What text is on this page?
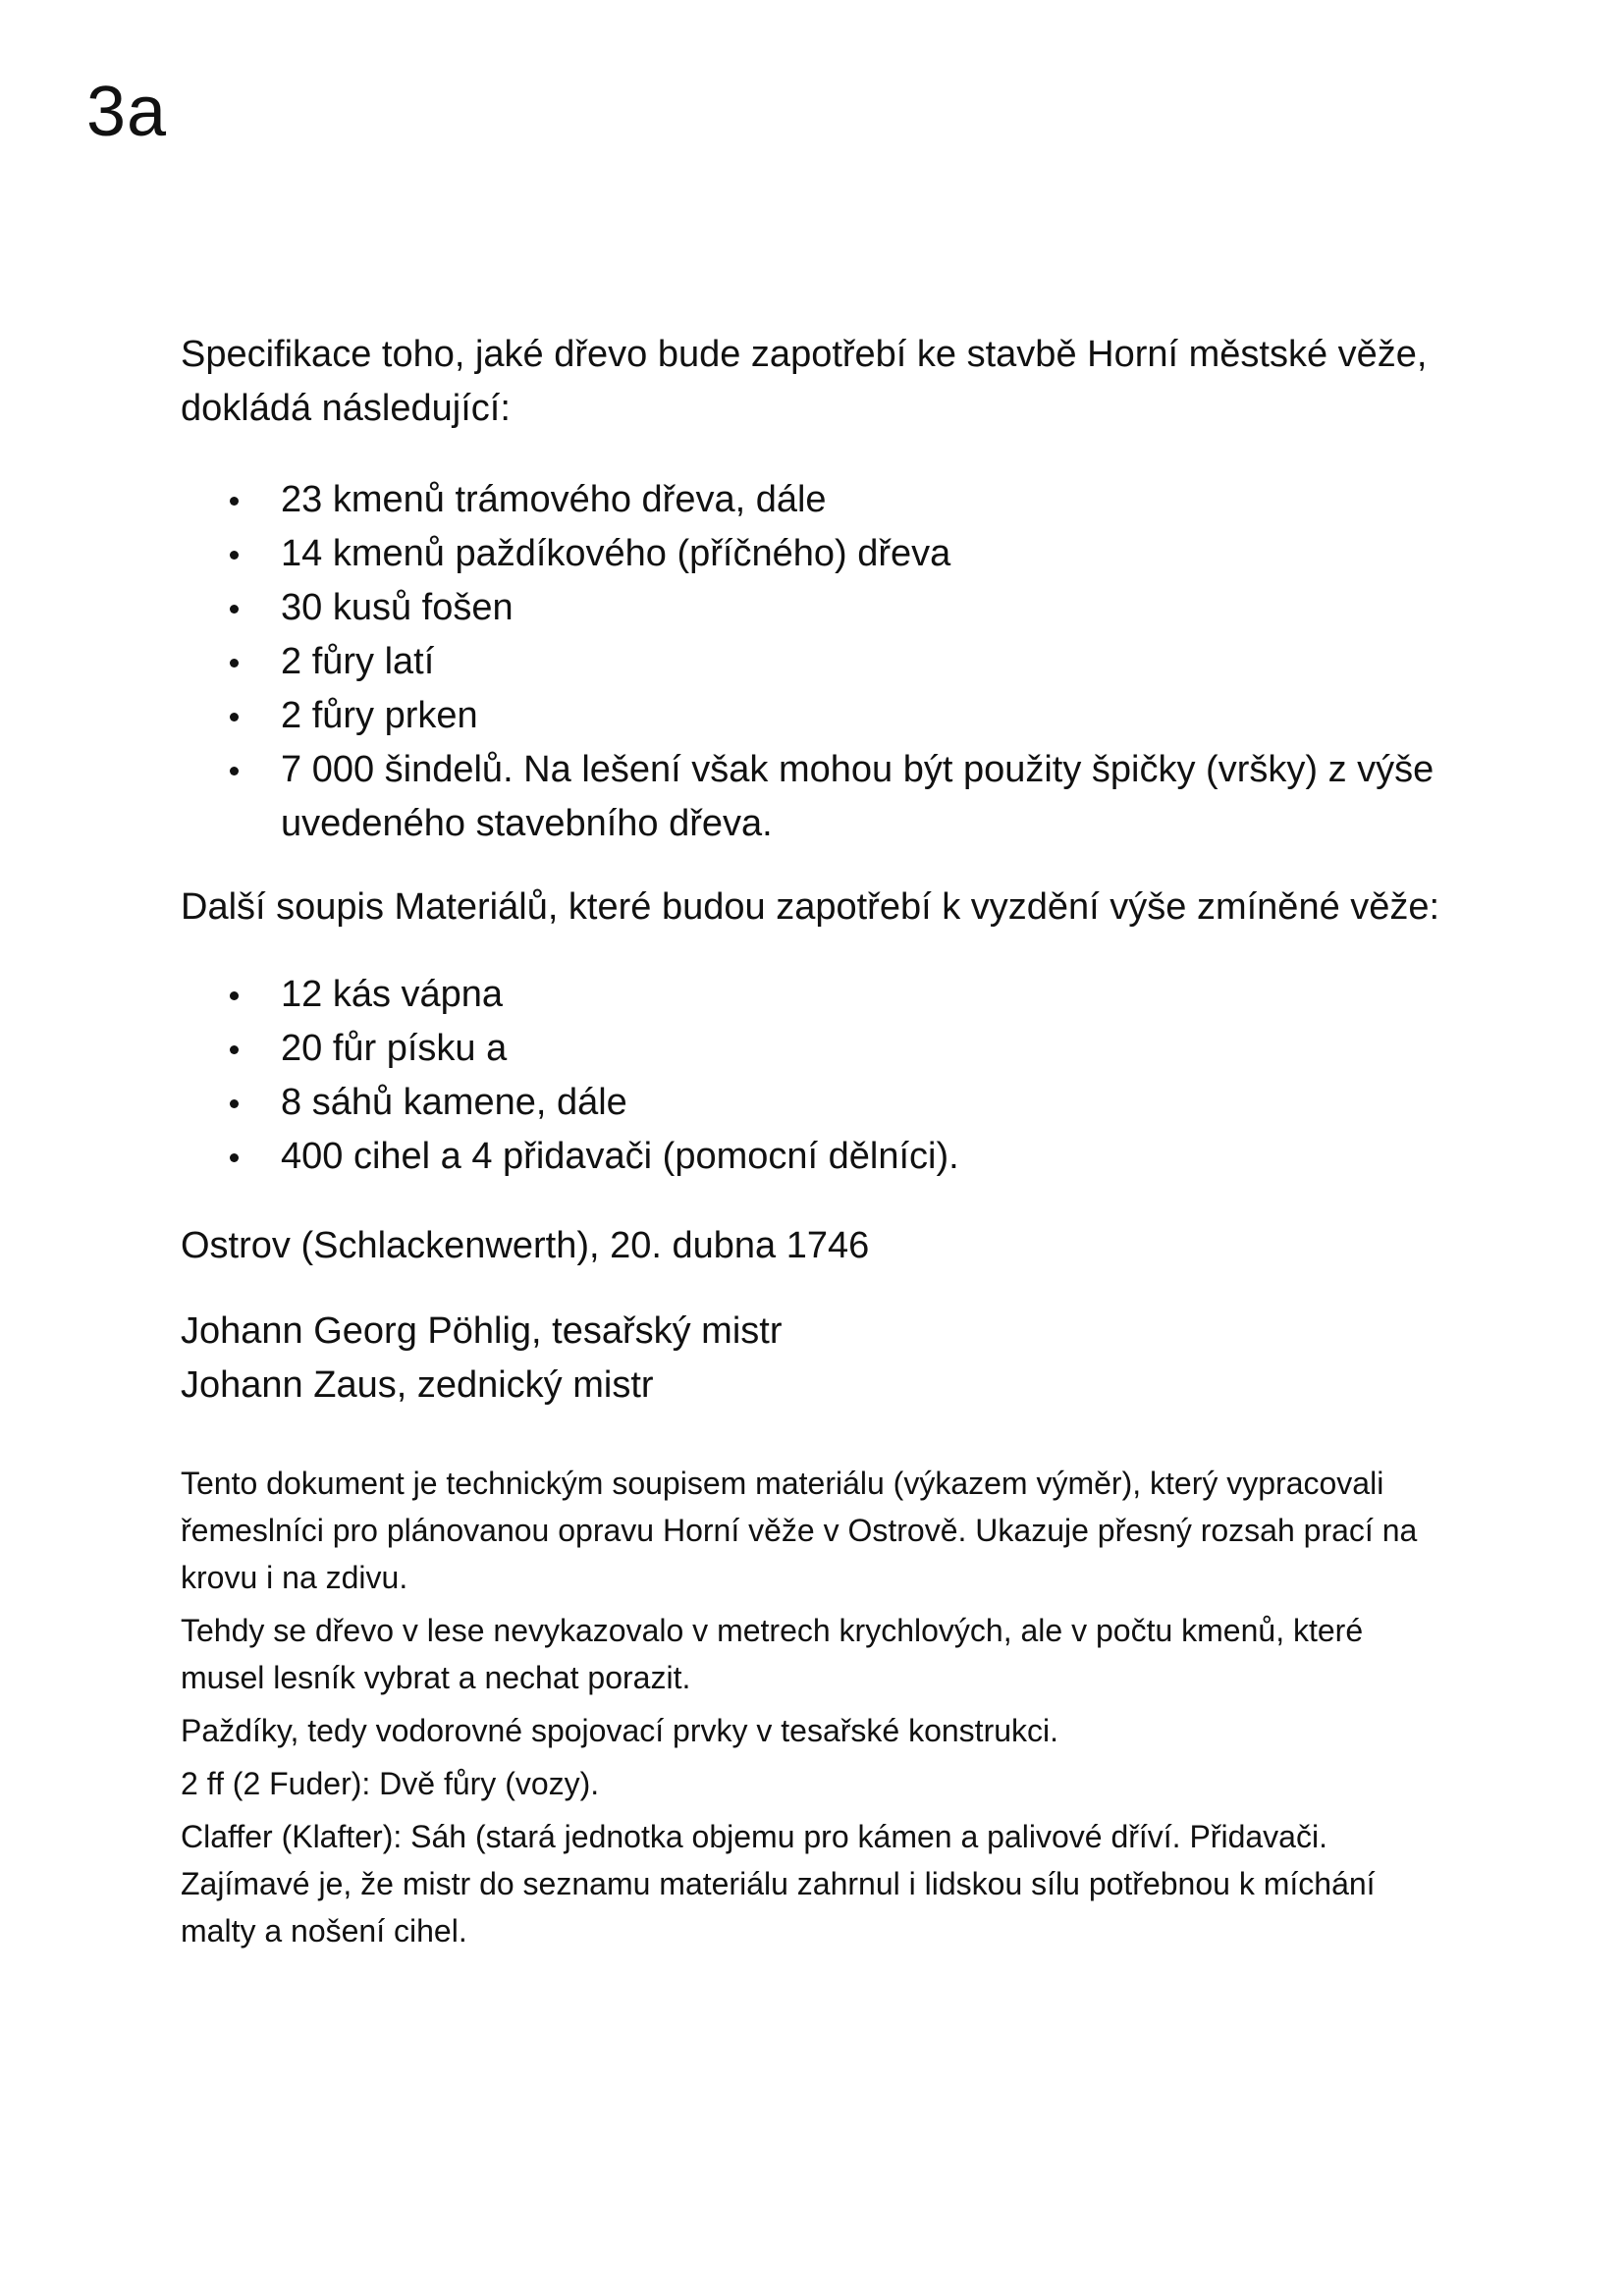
3a

Specifikace toho, jaké dřevo bude zapotřebí ke stavbě Horní městské věže, dokládá následující:

23 kmenů trámového dřeva, dále
14 kmenů paždíkového (příčného) dřeva
30 kusů fošen
2 fůry latí
2 fůry prken
7 000 šindelů. Na lešení však mohou být použity špičky (vršky) z výše uvedeného stavebního dřeva.

Další soupis Materiálů, které budou zapotřebí k vyzdění výše zmíněné věže:

12 kás vápna
20 fůr písku a
8 sáhů kamene, dále
400 cihel a 4 přidavači (pomocní dělníci).

Ostrov (Schlackenwerth), 20. dubna 1746

Johann Georg Pöhlig, tesařský mistr

Johann Zaus, zednický mistr

Tento dokument je technickým soupisem materiálu (výkazem výměr), který vypracovali řemeslníci pro plánovanou opravu Horní věže v Ostrově. Ukazuje přesný rozsah prací na krovu i na zdivu.

Tehdy se dřevo v lese nevykazovalo v metrech krychlových, ale v počtu kmenů, které musel lesník vybrat a nechat porazit.

Paždíky, tedy vodorovné spojovací prvky v tesařské konstrukci.

2 ff (2 Fuder): Dvě fůry (vozy).

Claffer (Klafter): Sáh (stará jednotka objemu pro kámen a palivové dříví. Přidavači. Zajímavé je, že mistr do seznamu materiálu zahrnul i lidskou sílu potřebnou k míchání malty a nošení cihel.
